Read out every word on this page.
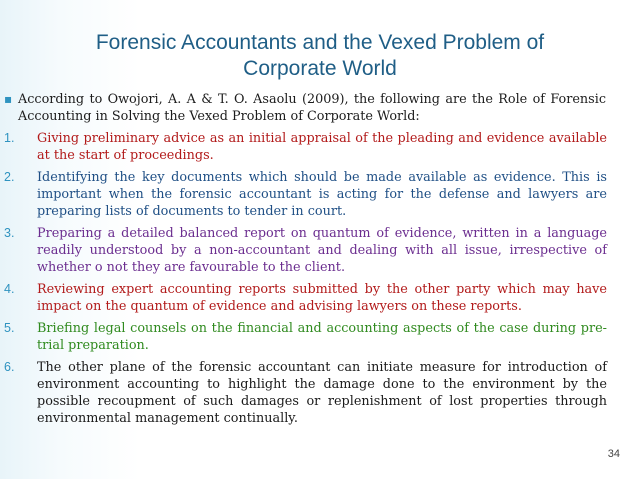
Forensic Accountants and the Vexed Problem of
Corporate World
▪ According to Owojori, A. A & T. O. Asaolu (2009), the following are the Role of Forensic Accounting in Solving the Vexed Problem of Corporate World:
1. Giving preliminary advice as an initial appraisal of the pleading and evidence available at the start of proceedings.
2. Identifying the key documents which should be made available as evidence. This is important when the forensic accountant is acting for the defense and lawyers are preparing lists of documents to tender in court.
3. Preparing a detailed balanced report on quantum of evidence, written in a language readily understood by a non-accountant and dealing with all issue, irrespective of whether o not they are favourable to the client.
4. Reviewing expert accounting reports submitted by the other party which may have impact on the quantum of evidence and advising lawyers on these reports.
5. Briefing legal counsels on the financial and accounting aspects of the case during pre-trial preparation.
6. The other plane of the forensic accountant can initiate measure for introduction of environment accounting to highlight the damage done to the environment by the possible recoupment of such damages or replenishment of lost properties through environmental management continually.
34
